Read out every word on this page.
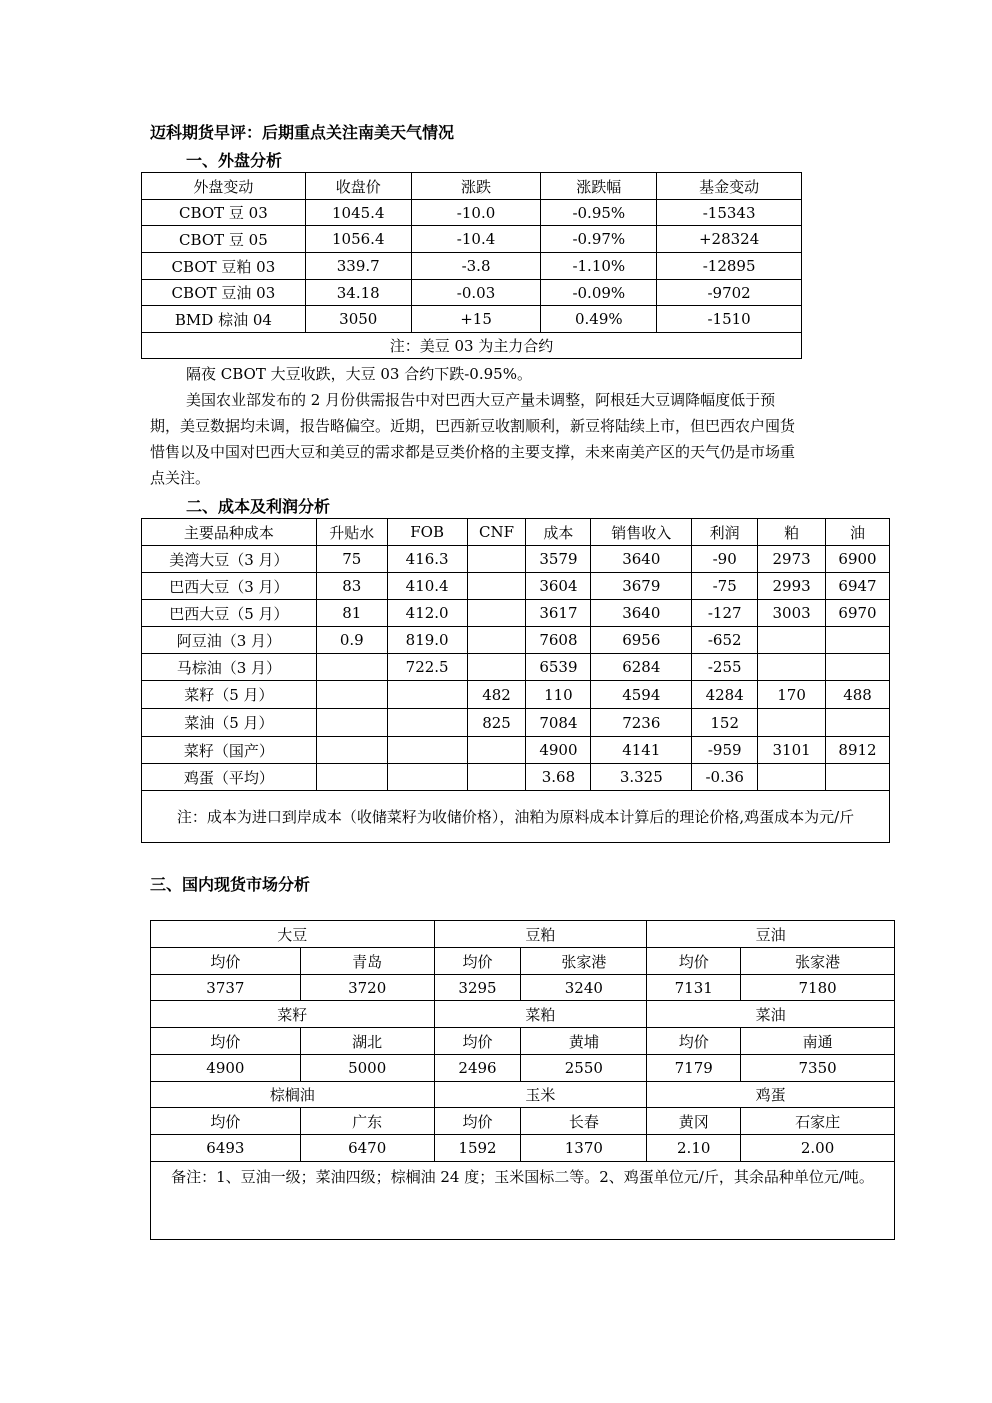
迈科期货早评：后期重点关注南美天气情况
一、外盘分析
外盘变动	收盘价	涨跌	涨跌幅	基金变动
CBOT 豆 03	1045.4	-10.0	-0.95%	-15343
CBOT 豆 05	1056.4	-10.4	-0.97%	+28324
CBOT 豆粕 03	339.7	-3.8	-1.10%	-12895
CBOT 豆油 03	34.18	-0.03	-0.09%	-9702
BMD 棕油 04	3050	+15	0.49%	-1510
注：美豆 03 为主力合约				
隔夜 CBOT 大豆收跌，大豆 03 合约下跌-0.95%。
美国农业部发布的 2 月份供需报告中对巴西大豆产量未调整，阿根廷大豆调降幅度低于预期，美豆数据均未调，报告略偏空。近期，巴西新豆收割顺利，新豆将陆续上市，但巴西农户囤货惜售以及中国对巴西大豆和美豆的需求都是豆类价格的主要支撑，未来南美产区的天气仍是市场重点关注。
二、成本及利润分析
主要品种成本	升贴水	FOB	CNF	成本	销售收入	利润	粕	油
美湾大豆（3 月）	75	416.3		3579	3640	-90	2973	6900
巴西大豆（3 月）	83	410.4		3604	3679	-75	2993	6947
巴西大豆（5 月）	81	412.0		3617	3640	-127	3003	6970
阿豆油（3 月）	0.9	819.0		7608	6956	-652		
马棕油（3 月）		722.5		6539	6284	-255		
菜籽（5 月）			482	110	4594	4284	170	488
菜油（5 月）			825	7084	7236	152		
菜籽（国产）				4900	4141	-959	3101	8912
鸡蛋（平均）				3.68	3.325	-0.36		
注：成本为进口到岸成本（收储菜籽为收储价格），油粕为原料成本计算后的理论价格,鸡蛋成本为元/斤								
三、国内现货市场分析
大豆		豆粕		豆油	
均价	青岛	均价	张家港	均价	张家港
3737	3720	3295	3240	7131	7180
菜籽		菜粕		菜油	
均价	湖北	均价	黄埔	均价	南通
4900	5000	2496	2550	7179	7350
棕榈油		玉米		鸡蛋	
均价	广东	均价	长春	黄冈	石家庄
6493	6470	1592	1370	2.10	2.00
备注：1、豆油一级；菜油四级；棕榈油 24 度；玉米国标二等。2、鸡蛋单位元/斤，其余品种单位元/吨。					
